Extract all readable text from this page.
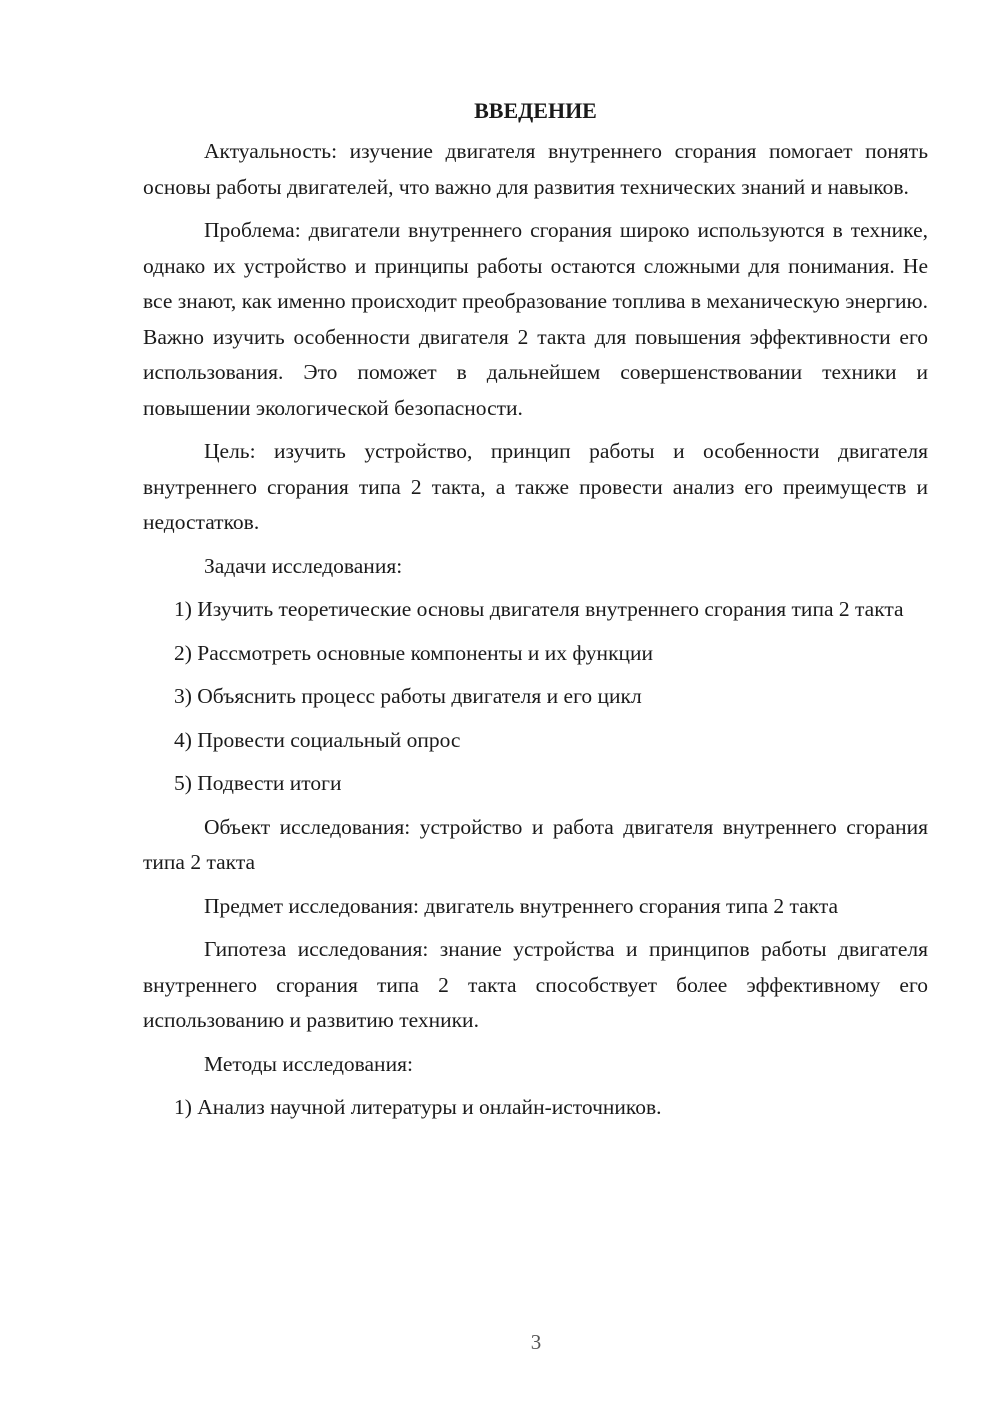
ВВЕДЕНИЕ

Актуальность: изучение двигателя внутреннего сгорания помогает понять основы работы двигателей, что важно для развития технических знаний и навыков.

Проблема: двигатели внутреннего сгорания широко используются в технике, однако их устройство и принципы работы остаются сложными для понимания. Не все знают, как именно происходит преобразование топлива в механическую энергию. Важно изучить особенности двигателя 2 такта для повышения эффективности его использования. Это поможет в дальнейшем совершенствовании техники и повышении экологической безопасности.

Цель: изучить устройство, принцип работы и особенности двигателя внутреннего сгорания типа 2 такта, а также провести анализ его преимуществ и недостатков.

Задачи исследования:

1) Изучить теоретические основы двигателя внутреннего сгорания типа 2 такта

2) Рассмотреть основные компоненты и их функции

3) Объяснить процесс работы двигателя и его цикл

4) Провести социальный опрос

5) Подвести итоги

Объект исследования: устройство и работа двигателя внутреннего сгорания типа 2 такта

Предмет исследования: двигатель внутреннего сгорания типа 2 такта

Гипотеза исследования: знание устройства и принципов работы двигателя внутреннего сгорания типа 2 такта способствует более эффективному его использованию и развитию техники.

Методы исследования:

1) Анализ научной литературы и онлайн-источников.

3
